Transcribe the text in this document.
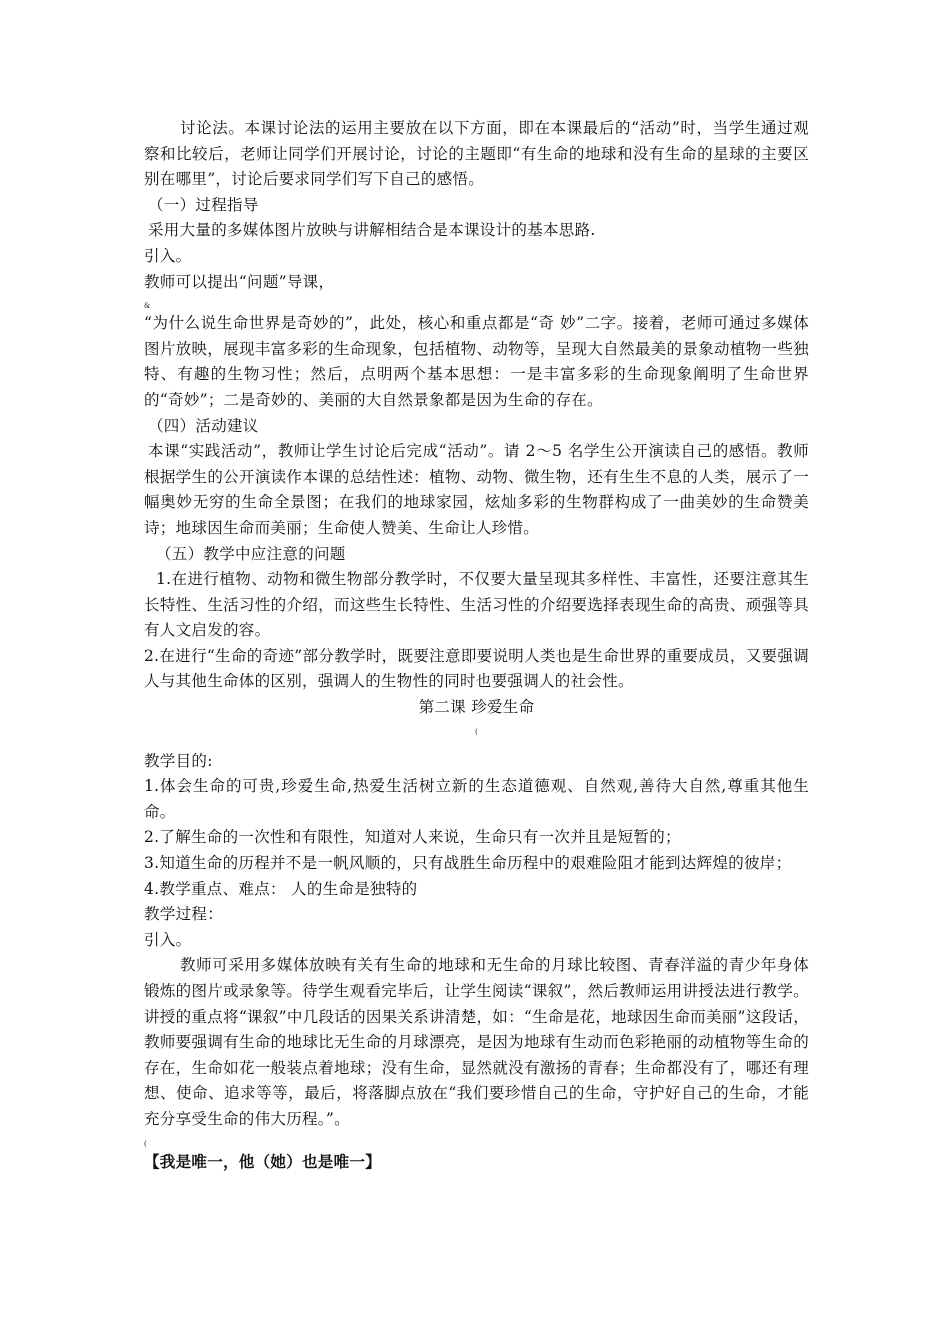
讨论法。本课讨论法的运用主要放在以下方面，即在本课最后的“活动”时，当学生通过观察和比较后，老师让同学们开展讨论，讨论的主题即“有生命的地球和没有生命的星球的主要区别在哪里”，讨论后要求同学们写下自己的感悟。

（一）过程指导

采用大量的多媒体图片放映与讲解相结合是本课设计的基本思路.

引入。

教师可以提出“问题”导课，

&

“为什么说生命世界是奇妙的”，此处，核心和重点都是“奇 妙”二字。接着，老师可通过多媒体图片放映，展现丰富多彩的生命现象，包括植物、动物等，呈现大自然最美的景象动植物一些独特、有趣的生物习性；然后，点明两个基本思想：一是丰富多彩的生命现象阐明了生命世界的“奇妙”；二是奇妙的、美丽的大自然景象都是因为生命的存在。

（四）活动建议

本课“实践活动”，教师让学生讨论后完成“活动”。请 2～5 名学生公开演读自己的感悟。教师根据学生的公开演读作本课的总结性述：植物、动物、微生物，还有生生不息的人类，展示了一幅奥妙无穷的生命全景图；在我们的地球家园，炫灿多彩的生物群构成了一曲美妙的生命赞美诗；地球因生命而美丽；生命使人赞美、生命让人珍惜。

（五）教学中应注意的问题

1.在进行植物、动物和微生物部分教学时，不仅要大量呈现其多样性、丰富性，还要注意其生长特性、生活习性的介绍，而这些生长特性、生活习性的介绍要选择表现生命的高贵、顽强等具有人文启发的容。

2.在进行“生命的奇迹”部分教学时，既要注意即要说明人类也是生命世界的重要成员，又要强调人与其他生命体的区别，强调人的生物性的同时也要强调人的社会性。

第二课 珍爱生命

(

教学目的:

1.体会生命的可贵,珍爱生命,热爱生活树立新的生态道德观、自然观,善待大自然,尊重其他生命。

2.了解生命的一次性和有限性，知道对人来说，生命只有一次并且是短暂的；

3.知道生命的历程并不是一帆风顺的，只有战胜生命历程中的艰难险阻才能到达辉煌的彼岸；

4.教学重点、难点： 人的生命是独特的

教学过程：

引入。

教师可采用多媒体放映有关有生命的地球和无生命的月球比较图、青春洋溢的青少年身体锻炼的图片或录象等。待学生观看完毕后，让学生阅读“课叙”，然后教师运用讲授法进行教学。讲授的重点将“课叙”中几段话的因果关系讲清楚，如：“生命是花，地球因生命而美丽”这段话，教师要强调有生命的地球比无生命的月球漂亮，是因为地球有生动而色彩艳丽的动植物等生命的存在，生命如花一般装点着地球；没有生命，显然就没有激扬的青春；生命都没有了，哪还有理想、使命、追求等等，最后，将落脚点放在“我们要珍惜自己的生命，守护好自己的生命，才能充分享受生命的伟大历程。”。

(

【我是唯一，他（她）也是唯一】
